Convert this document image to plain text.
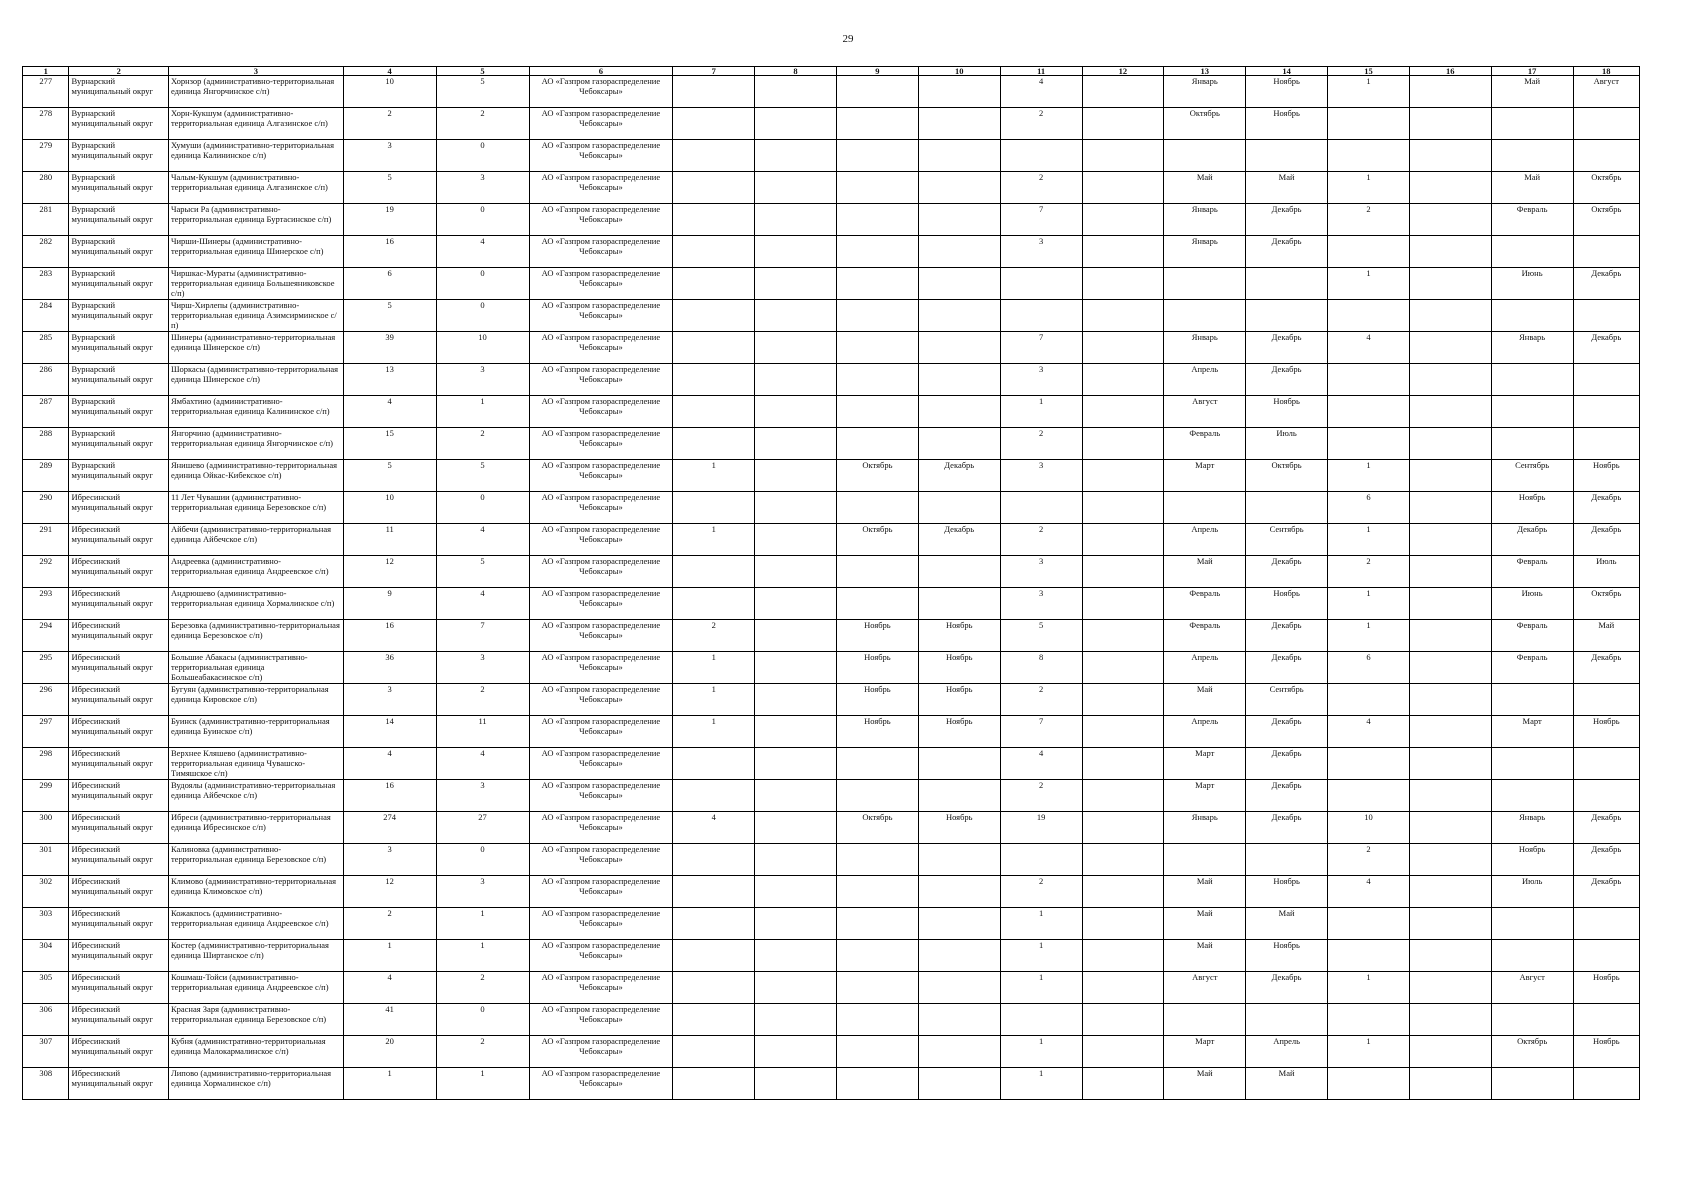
29
1	2	3	4	5	6	7	8	9	10	11	12	13	14	15	16	17	18

277	Вурнарский муниципальный округ	Хорнзор (административно-территориальная единица Янгорчинское с/п)	10	5	АО «Газпром газораспределение Чебоксары»					4		Январь	Ноябрь	1		Май	Август

278	Вурнарский муниципальный округ	Хорн-Кукшум (административно-территориальная единица Алгазинское с/п)	2	2	АО «Газпром газораспределение Чебоксары»					2		Октябрь	Ноябрь				

279	Вурнарский муниципальный округ	Хумуши (административно-территориальная единица Калининское с/п)	3	0	АО «Газпром газораспределение Чебоксары»												

280	Вурнарский муниципальный округ	Чалым-Кукшум (административно-территориальная единица Алгазинское с/п)	5	3	АО «Газпром газораспределение Чебоксары»					2		Май	Май	1		Май	Октябрь

281	Вурнарский муниципальный округ	Чарыси Ра (административно-территориальная единица Буртасинское с/п)	19	0	АО «Газпром газораспределение Чебоксары»					7		Январь	Декабрь	2		Февраль	Октябрь

282	Вурнарский муниципальный округ	Чирши-Шинеры (административно-территориальная единица Шинерское с/п)	16	4	АО «Газпром газораспределение Чебоксары»					3		Январь	Декабрь				

283	Вурнарский муниципальный округ	Чиршкас-Мураты (административно-территориальная единица Большеяниковское с/п)	6	0	АО «Газпром газораспределение Чебоксары»									1		Июнь	Декабрь

284	Вурнарский муниципальный округ	Чирш-Хирлепы (административно-территориальная единица Азимсирминское с/п)	5	0	АО «Газпром газораспределение Чебоксары»												

285	Вурнарский муниципальный округ	Шинеры (административно-территориальная единица Шинерское с/п)	39	10	АО «Газпром газораспределение Чебоксары»					7		Январь	Декабрь	4		Январь	Декабрь

286	Вурнарский муниципальный округ	Шоркасы (административно-территориальная единица Шинерское с/п)	13	3	АО «Газпром газораспределение Чебоксары»					3		Апрель	Декабрь				

287	Вурнарский муниципальный округ	Ямбахтино (административно-территориальная единица Калининское с/п)	4	1	АО «Газпром газораспределение Чебоксары»					1		Август	Ноябрь				

288	Вурнарский муниципальный округ	Янгорчино (административно-территориальная единица Янгорчинское с/п)	15	2	АО «Газпром газораспределение Чебоксары»					2		Февраль	Июль				

289	Вурнарский муниципальный округ	Янишево (административно-территориальная единица Ойкас-Кибекское с/п)	5	5	АО «Газпром газораспределение Чебоксары»	1		Октябрь	Декабрь	3		Март	Октябрь	1		Сентябрь	Ноябрь

290	Ибресинский муниципальный округ	11 Лет Чувашии (административно-территориальная единица Березовское с/п)	10	0	АО «Газпром газораспределение Чебоксары»									6		Ноябрь	Декабрь

291	Ибресинский муниципальный округ	Айбечи (административно-территориальная единица Айбечское с/п)	11	4	АО «Газпром газораспределение Чебоксары»	1		Октябрь	Декабрь	2		Апрель	Сентябрь	1		Декабрь	Декабрь

292	Ибресинский муниципальный округ	Андреевка (административно-территориальная единица Андреевское с/п)	12	5	АО «Газпром газораспределение Чебоксары»					3		Май	Декабрь	2		Февраль	Июль

293	Ибресинский муниципальный округ	Андрюшево (административно-территориальная единица Хормалинское с/п)	9	4	АО «Газпром газораспределение Чебоксары»					3		Февраль	Ноябрь	1		Июнь	Октябрь

294	Ибресинский муниципальный округ	Березовка (административно-территориальная единица Березовское с/п)	16	7	АО «Газпром газораспределение Чебоксары»	2		Ноябрь	Ноябрь	5		Февраль	Декабрь	1		Февраль	Май

295	Ибресинский муниципальный округ	Большие Абакасы (административно-территориальная единица Большеабакасинское с/п)	36	3	АО «Газпром газораспределение Чебоксары»	1		Ноябрь	Ноябрь	8		Апрель	Декабрь	6		Февраль	Декабрь

296	Ибресинский муниципальный округ	Бугуян (административно-территориальная единица Кировское с/п)	3	2	АО «Газпром газораспределение Чебоксары»	1		Ноябрь	Ноябрь	2		Май	Сентябрь				

297	Ибресинский муниципальный округ	Буинск (административно-территориальная единица Буинское с/п)	14	11	АО «Газпром газораспределение Чебоксары»	1		Ноябрь	Ноябрь	7		Апрель	Декабрь	4		Март	Ноябрь

298	Ибресинский муниципальный округ	Верхнее Кляшево (административно-территориальная единица Чувашско-Тимяшское с/п)	4	4	АО «Газпром газораспределение Чебоксары»					4		Март	Декабрь				

299	Ибресинский муниципальный округ	Вудоялы (административно-территориальная единица Айбечское с/п)	16	3	АО «Газпром газораспределение Чебоксары»					2		Март	Декабрь				

300	Ибресинский муниципальный округ	Ибреси (административно-территориальная единица Ибресинское с/п)	274	27	АО «Газпром газораспределение Чебоксары»	4		Октябрь	Ноябрь	19		Январь	Декабрь	10		Январь	Декабрь

301	Ибресинский муниципальный округ	Калиновка (административно-территориальная единица Березовское с/п)	3	0	АО «Газпром газораспределение Чебоксары»									2		Ноябрь	Декабрь

302	Ибресинский муниципальный округ	Климово (административно-территориальная единица Климовское с/п)	12	3	АО «Газпром газораспределение Чебоксары»					2		Май	Ноябрь	4		Июль	Декабрь

303	Ибресинский муниципальный округ	Кожакпось (административно-территориальная единица Андреевское с/п)	2	1	АО «Газпром газораспределение Чебоксары»					1		Май	Май				

304	Ибресинский муниципальный округ	Костер (административно-территориальная единица Ширтанское с/п)	1	1	АО «Газпром газораспределение Чебоксары»					1		Май	Ноябрь				

305	Ибресинский муниципальный округ	Кошмаш-Тойси (административно-территориальная единица Андреевское с/п)	4	2	АО «Газпром газораспределение Чебоксары»					1		Август	Декабрь	1		Август	Ноябрь

306	Ибресинский муниципальный округ	Красная Заря (административно-территориальная единица Березовское с/п)	41	0	АО «Газпром газораспределение Чебоксары»												

307	Ибресинский муниципальный округ	Кубня (административно-территориальная единица Малокармалинское с/п)	20	2	АО «Газпром газораспределение Чебоксары»					1		Март	Апрель	1		Октябрь	Ноябрь

308	Ибресинский муниципальный округ	Липово (административно-территориальная единица Хормалинское с/п)	1	1	АО «Газпром газораспределение Чебоксары»					1		Май	Май				
